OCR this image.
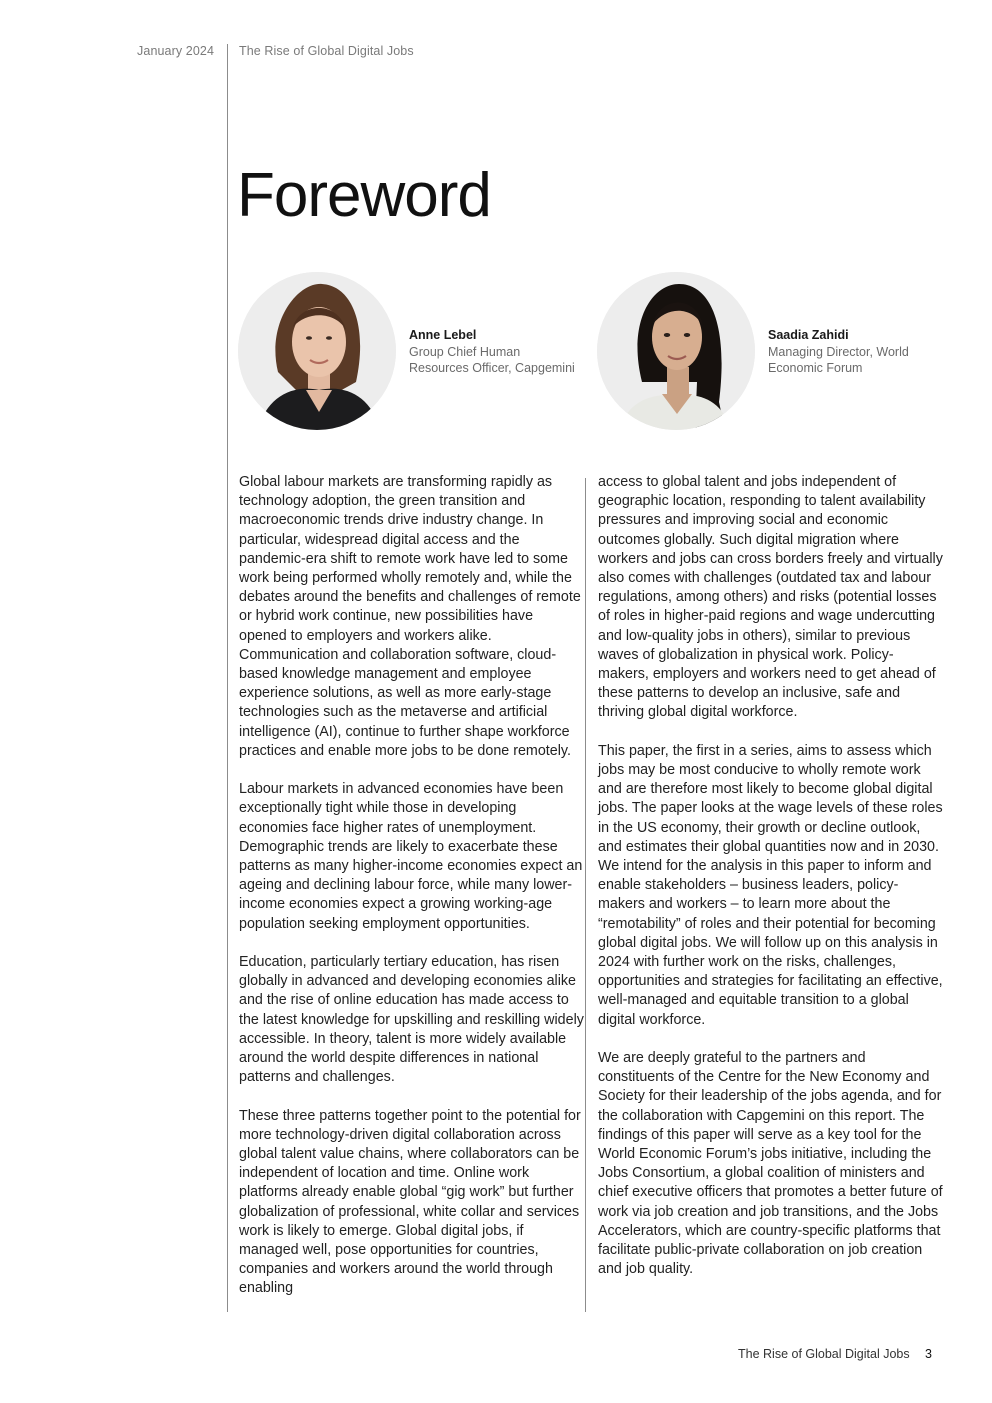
January 2024 The Rise of Global Digital Jobs
Foreword
Anne Lebel
Group Chief Human
Resources Officer, Capgemini
Saadia Zahidi
Managing Director, World
Economic Forum

Global labour markets are transforming rapidly as technology adoption, the green transition and macroeconomic trends drive industry change. In particular, widespread digital access and the pandemic-era shift to remote work have led to some work being performed wholly remotely and, while the debates around the benefits and challenges of remote or hybrid work continue, new possibilities have opened to employers and workers alike. Communication and collaboration software, cloud-based knowledge management and employee experience solutions, as well as more early-stage technologies such as the metaverse and artificial intelligence (AI), continue to further shape workforce practices and enable more jobs to be done remotely.

Labour markets in advanced economies have been exceptionally tight while those in developing economies face higher rates of unemployment. Demographic trends are likely to exacerbate these patterns as many higher-income economies expect an ageing and declining labour force, while many lower-income economies expect a growing working-age population seeking employment opportunities.

Education, particularly tertiary education, has risen globally in advanced and developing economies alike and the rise of online education has made access to the latest knowledge for upskilling and reskilling widely accessible. In theory, talent is more widely available around the world despite differences in national patterns and challenges.

These three patterns together point to the potential for more technology-driven digital collaboration across global talent value chains, where collaborators can be independent of location and time. Online work platforms already enable global “gig work” but further globalization of professional, white collar and services work is likely to emerge. Global digital jobs, if managed well, pose opportunities for countries, companies and workers around the world through enabling

access to global talent and jobs independent of geographic location, responding to talent availability pressures and improving social and economic outcomes globally. Such digital migration where workers and jobs can cross borders freely and virtually also comes with challenges (outdated tax and labour regulations, among others) and risks (potential losses of roles in higher-paid regions and wage undercutting and low-quality jobs in others), similar to previous waves of globalization in physical work. Policy-makers, employers and workers need to get ahead of these patterns to develop an inclusive, safe and thriving global digital workforce.

This paper, the first in a series, aims to assess which jobs may be most conducive to wholly remote work and are therefore most likely to become global digital jobs. The paper looks at the wage levels of these roles in the US economy, their growth or decline outlook, and estimates their global quantities now and in 2030. We intend for the analysis in this paper to inform and enable stakeholders – business leaders, policy-makers and workers – to learn more about the “remotability” of roles and their potential for becoming global digital jobs. We will follow up on this analysis in 2024 with further work on the risks, challenges, opportunities and strategies for facilitating an effective, well-managed and equitable transition to a global digital workforce.

We are deeply grateful to the partners and constituents of the Centre for the New Economy and Society for their leadership of the jobs agenda, and for the collaboration with Capgemini on this report. The findings of this paper will serve as a key tool for the World Economic Forum’s jobs initiative, including the Jobs Consortium, a global coalition of ministers and chief executive officers that promotes a better future of work via job creation and job transitions, and the Jobs Accelerators, which are country-specific platforms that facilitate public-private collaboration on job creation and job quality.

The Rise of Global Digital Jobs 3
